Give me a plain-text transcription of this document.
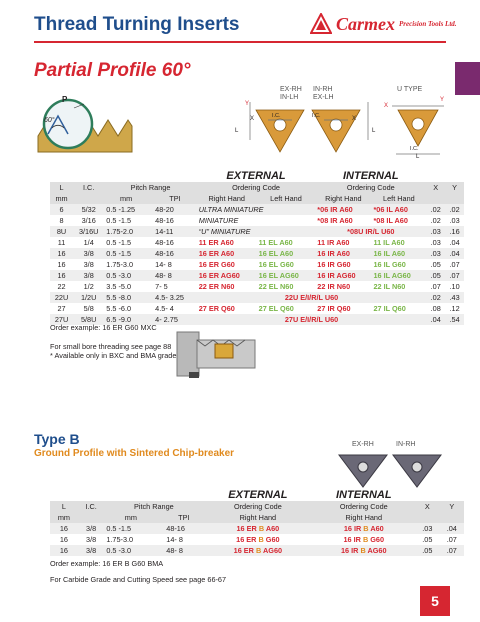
Thread Turning Inserts	Carmex Precision Tools Ltd.
Partial Profile 60°
P
60°
EX-RH
IN-LH
IN-RH
EX-LH
U TYPE
Y
X
L
I.C.	I.C.	X
L
X
Y
I.C.
L
					EXTERNAL		INTERNAL			
L	I.C.	Pitch Range			Ordering Code		Ordering Code		X	Y
mm		mm		TPI	Right Hand	Left Hand	Right Hand	Left Hand		
6	5/32	0.5 -1.25		48-20	ULTRA MINIATURE		*06 IR A60	*06 IL A60	.02	.02
8	3/16	0.5 -1.5		48-16	MINIATURE		*08 IR A60	*08 IL A60	.02	.03
8U	3/16U	1.75-2.0		14-11	“U” MINIATURE		*08U IR/L U60		.03	.16
11	1/4	0.5 -1.5		48-16	11 ER A60	11 EL A60	11 IR A60	11 IL A60	.03	.04
16	3/8	0.5 -1.5		48-16	16 ER A60	16 EL A60	16 IR A60	16 IL A60	.03	.04
16	3/8	1.75-3.0		14- 8	16 ER G60	16 EL G60	16 IR G60	16 IL G60	.05	.07
16	3/8	0.5 -3.0		48- 8	16 ER AG60	16 EL AG60	16 IR AG60	16 IL AG60	.05	.07
22	1/2	3.5 -5.0		7- 5	22 ER N60	22 EL N60	22 IR N60	22 IL N60	.07	.10
22U	1/2U	5.5 -8.0		4.5- 3.25	22U E/I/R/L U60				.02	.43
27	5/8	5.5 -6.0		4.5- 4	27 ER Q60	27 EL Q60	27 IR Q60	27 IL Q60	.08	.12
27U	5/8U	6.5 -9.0		4- 2.75	27U E/I/R/L U60				.04	.54
Order example: 16 ER G60 MXC
For small bore threading see page 88
* Available only in BXC and BMA grade
Type B
Ground Profile with Sintered Chip-breaker
EX-RH	IN-RH
					EXTERNAL	INTERNAL		
L	I.C.	Pitch Range			Ordering Code	Ordering Code	X	Y
mm		mm		TPI	Right Hand	Right Hand		
16	3/8	0.5 -1.5		48-16	16 ER B A60	16 IR B A60	.03	.04
16	3/8	1.75-3.0		14- 8	16 ER B G60	16 IR B G60	.05	.07
16	3/8	0.5 -3.0		48- 8	16 ER B AG60	16 IR B AG60	.05	.07
Order example: 16 ER B G60 BMA
For Carbide Grade and Cutting Speed see page 66-67
5
